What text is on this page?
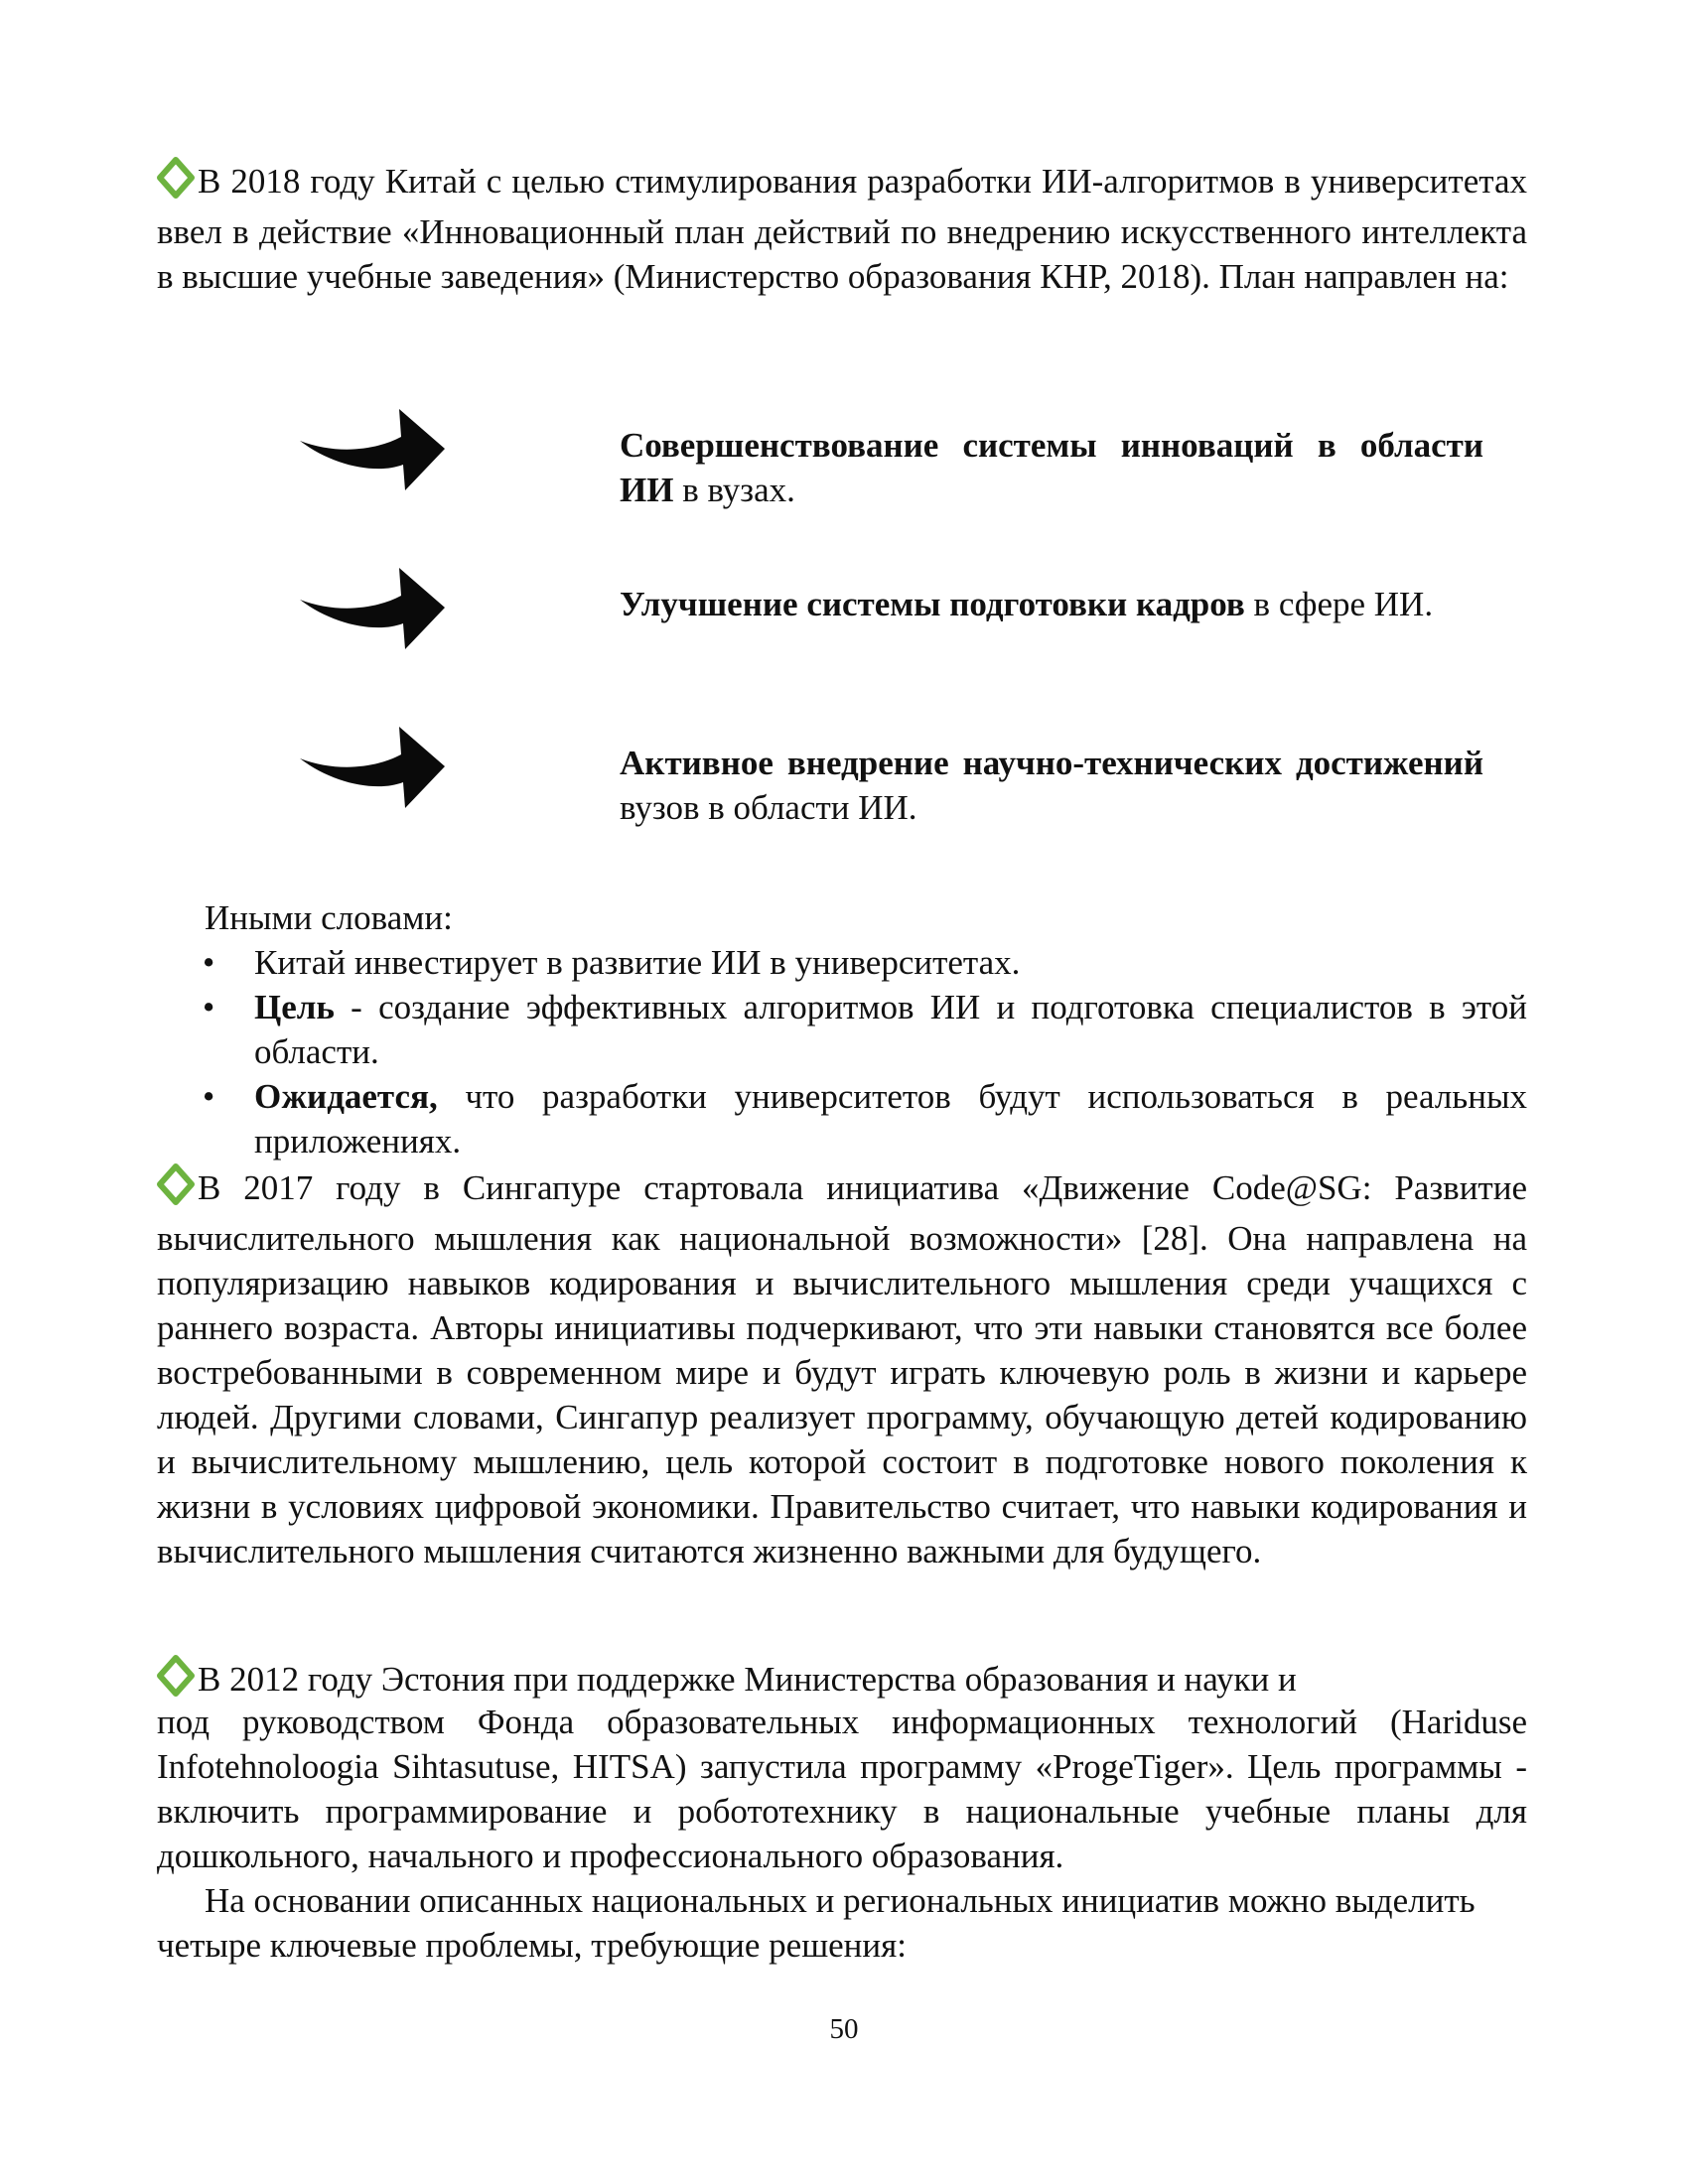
В 2018 году Китай с целью стимулирования разработки ИИ-алгоритмов в университетах ввел в действие «Инновационный план действий по внедрению искусственного интеллекта в высшие учебные заведения» (Министерство образования КНР, 2018). План направлен на:
Совершенствование системы инноваций в области ИИ в вузах.
Улучшение системы подготовки кадров в сфере ИИ.
Активное внедрение научно-технических достижений вузов в области ИИ.
Иными словами:
• Китай инвестирует в развитие ИИ в университетах.
• Цель - создание эффективных алгоритмов ИИ и подготовка специалистов в этой области.
• Ожидается, что разработки университетов будут использоваться в реальных приложениях.
В 2017 году в Сингапуре стартовала инициатива «Движение Code@SG: Развитие вычислительного мышления как национальной возможности» [28]. Она направлена на популяризацию навыков кодирования и вычислительного мышления среди учащихся с раннего возраста. Авторы инициативы подчеркивают, что эти навыки становятся все более востребованными в современном мире и будут играть ключевую роль в жизни и карьере людей. Другими словами, Сингапур реализует программу, обучающую детей кодированию и вычислительному мышлению, цель которой состоит в подготовке нового поколения к жизни в условиях цифровой экономики. Правительство считает, что навыки кодирования и вычислительного мышления считаются жизненно важными для будущего.
В 2012 году Эстония при поддержке Министерства образования и науки и
под руководством Фонда образовательных информационных технологий (Hariduse Infotehnoloogia Sihtasutuse, HITSA) запустила программу «ProgeTiger». Цель программы - включить программирование и робототехнику в национальные учебные планы для дошкольного, начального и профессионального образования.
На основании описанных национальных и региональных инициатив можно выделить четыре ключевые проблемы, требующие решения:
50
